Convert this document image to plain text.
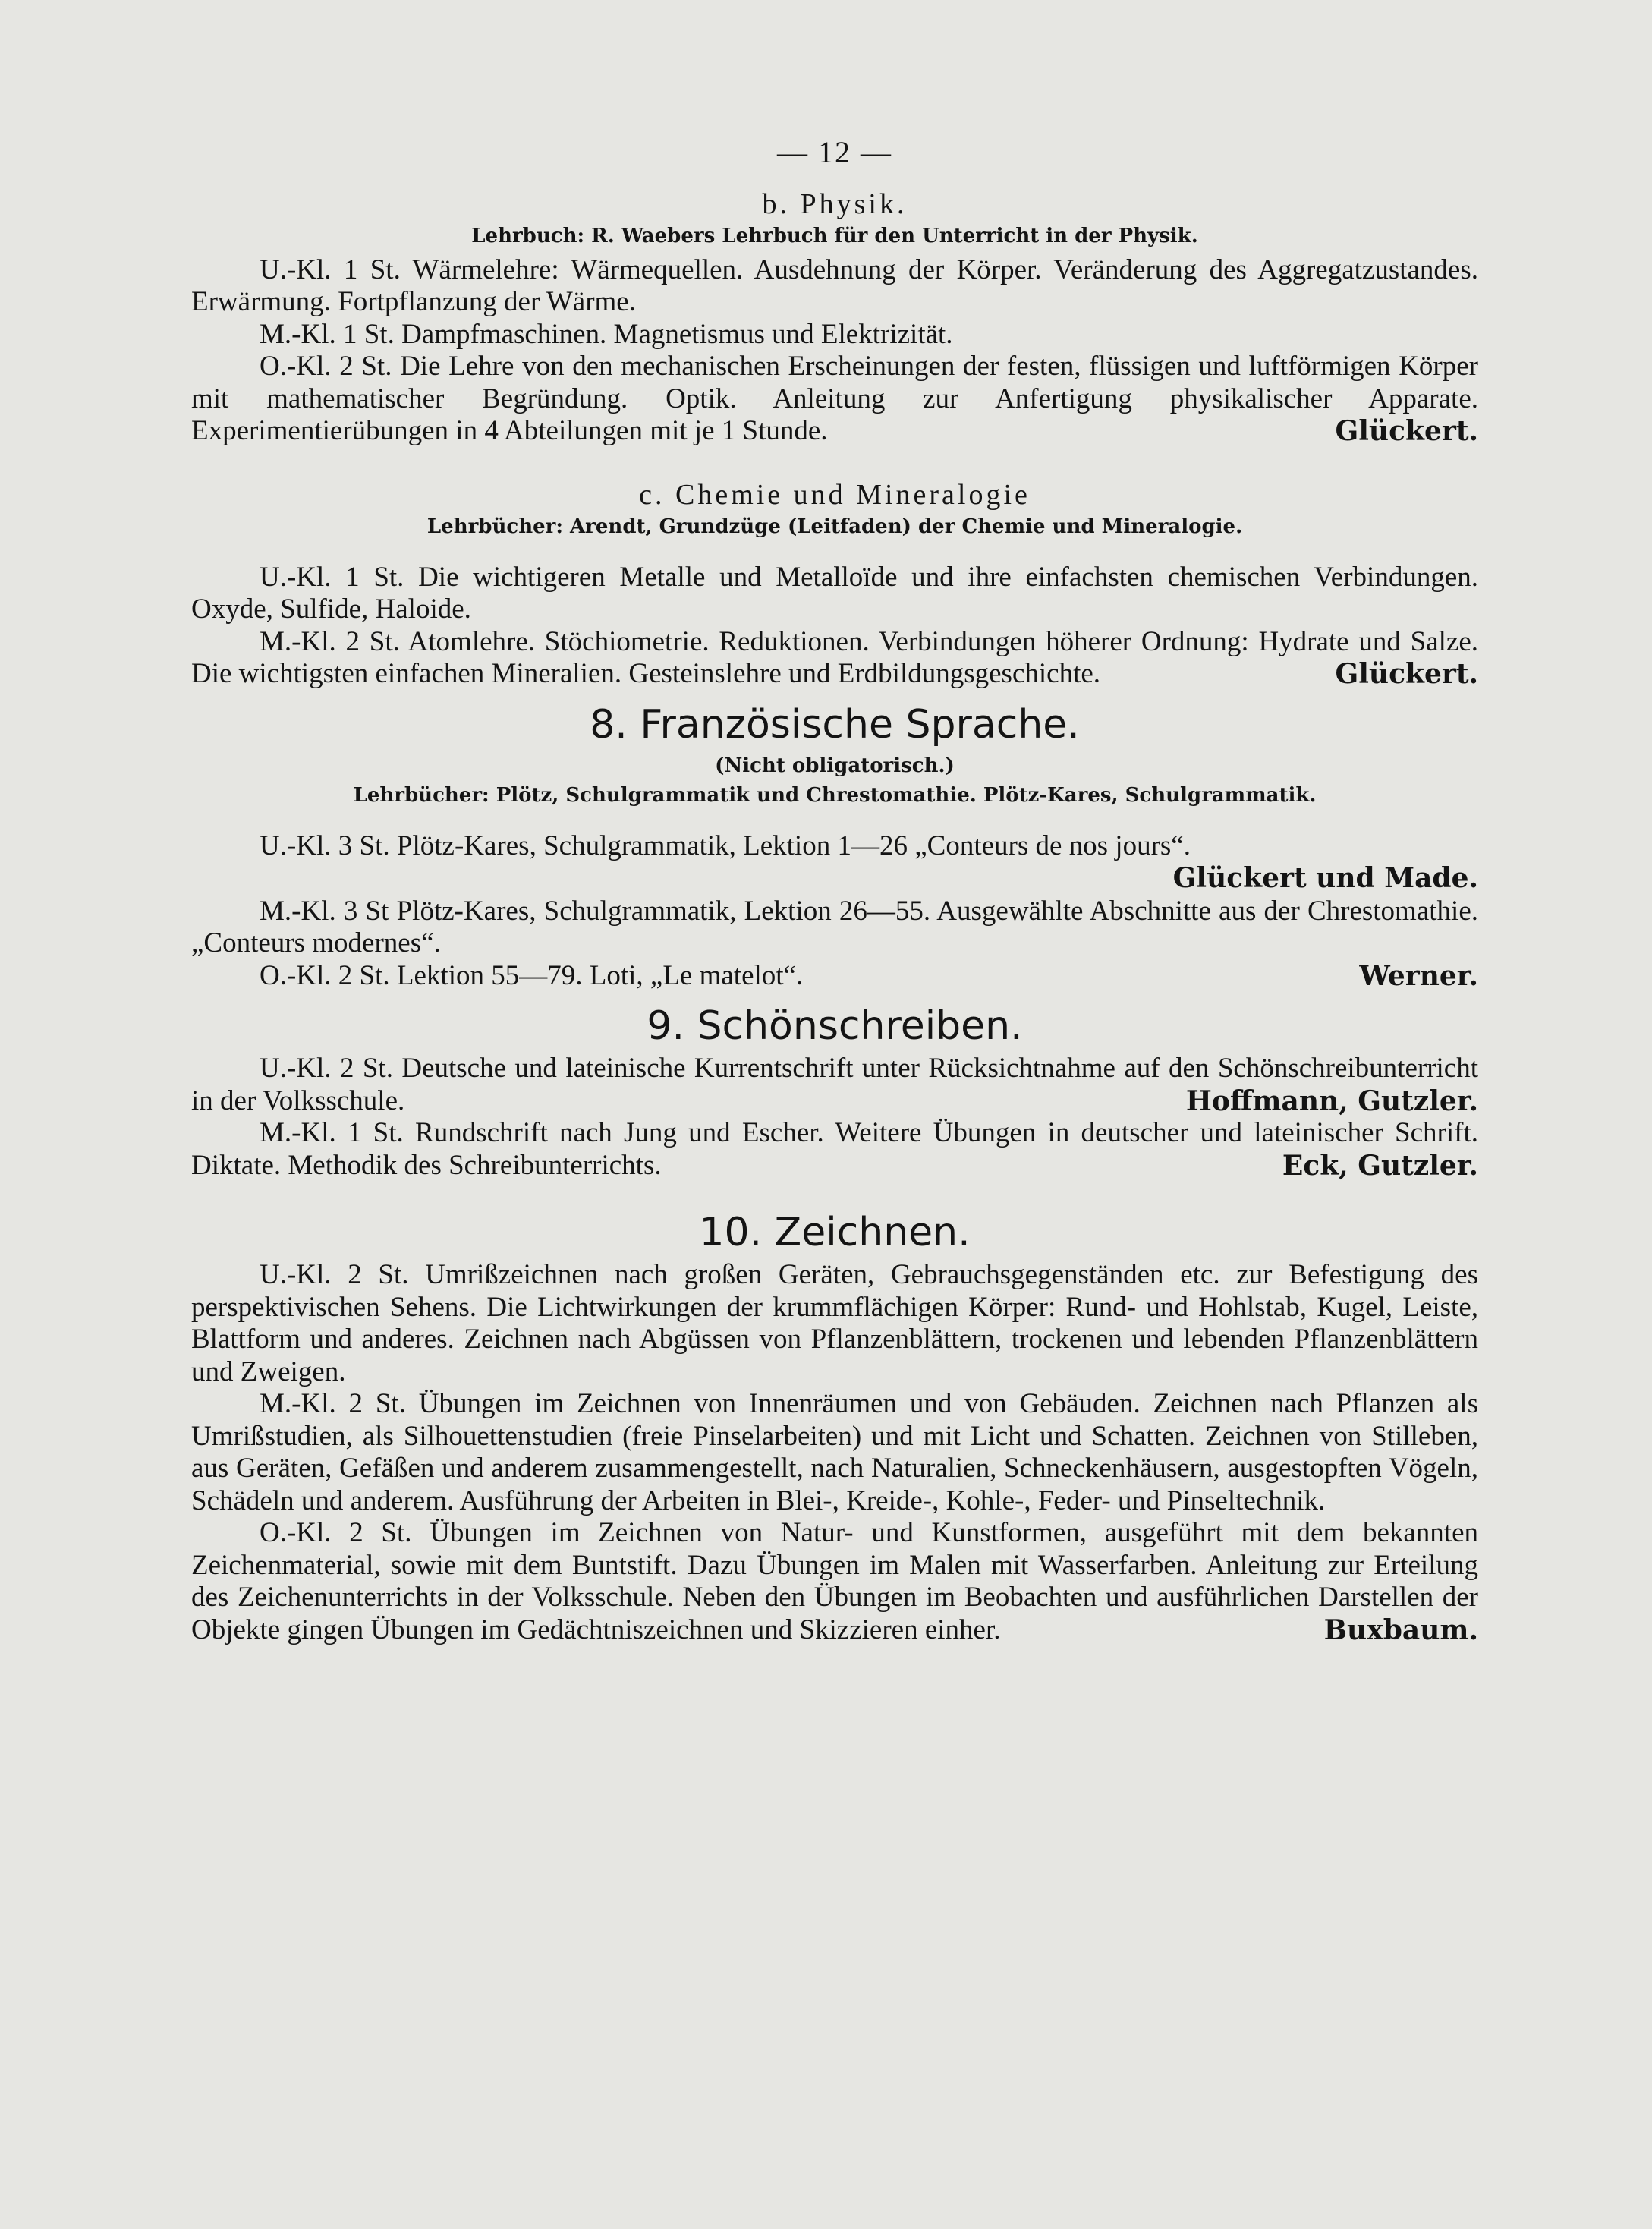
— 12 —
b. Physik.
Lehrbuch: R. Waebers Lehrbuch für den Unterricht in der Physik.

U.-Kl. 1 St. Wärmelehre: Wärmequellen. Ausdehnung der Körper. Veränderung des Aggregatzustandes. Erwärmung. Fortpflanzung der Wärme.

M.-Kl. 1 St. Dampfmaschinen. Magnetismus und Elektrizität.

O.-Kl. 2 St. Die Lehre von den mechanischen Erscheinungen der festen, flüssigen und luftförmigen Körper mit mathematischer Begründung. Optik. Anleitung zur Anfertigung physikalischer Apparate. Experimentierübungen in 4 Abteilungen mit je 1 Stunde.	Glückert.

c. Chemie und Mineralogie
Lehrbücher: Arendt, Grundzüge (Leitfaden) der Chemie und Mineralogie.

U.-Kl. 1 St. Die wichtigeren Metalle und Metalloïde und ihre einfachsten chemischen Verbindungen. Oxyde, Sulfide, Haloide.

M.-Kl. 2 St. Atomlehre. Stöchiometrie. Reduktionen. Verbindungen höherer Ordnung: Hydrate und Salze. Die wichtigsten einfachen Mineralien. Gesteinslehre und Erdbildungsgeschichte.	Glückert.

8. Französische Sprache.
(Nicht obligatorisch.)
Lehrbücher: Plötz, Schulgrammatik und Chrestomathie. Plötz-Kares, Schulgrammatik.

U.-Kl. 3 St. Plötz-Kares, Schulgrammatik, Lektion 1—26 „Conteurs de nos jours“.

Glückert und Made.

M.-Kl. 3 St Plötz-Kares, Schulgrammatik, Lektion 26—55. Ausgewählte Abschnitte aus der Chrestomathie. „Conteurs modernes“.

O.-Kl. 2 St. Lektion 55—79. Loti, „Le matelot“.	Werner.

9. Schönschreiben.

U.-Kl. 2 St. Deutsche und lateinische Kurrentschrift unter Rücksichtnahme auf den Schönschreibunterricht in der Volksschule.	Hoffmann, Gutzler.

M.-Kl. 1 St. Rundschrift nach Jung und Escher. Weitere Übungen in deutscher und lateinischer Schrift. Diktate. Methodik des Schreibunterrichts.	Eck, Gutzler.

10. Zeichnen.

U.-Kl. 2 St. Umrißzeichnen nach großen Geräten, Gebrauchsgegenständen etc. zur Befestigung des perspektivischen Sehens. Die Lichtwirkungen der krummflächigen Körper: Rund- und Hohlstab, Kugel, Leiste, Blattform und anderes. Zeichnen nach Abgüssen von Pflanzenblättern, trockenen und lebenden Pflanzenblättern und Zweigen.

M.-Kl. 2 St. Übungen im Zeichnen von Innenräumen und von Gebäuden. Zeichnen nach Pflanzen als Umrißstudien, als Silhouettenstudien (freie Pinselarbeiten) und mit Licht und Schatten. Zeichnen von Stilleben, aus Geräten, Gefäßen und anderem zusammengestellt, nach Naturalien, Schneckenhäusern, ausgestopften Vögeln, Schädeln und anderem. Ausführung der Arbeiten in Blei-, Kreide-, Kohle-, Feder- und Pinseltechnik.

O.-Kl. 2 St. Übungen im Zeichnen von Natur- und Kunstformen, ausgeführt mit dem bekannten Zeichenmaterial, sowie mit dem Buntstift. Dazu Übungen im Malen mit Wasserfarben. Anleitung zur Erteilung des Zeichenunterrichts in der Volksschule. Neben den Übungen im Beobachten und ausführlichen Darstellen der Objekte gingen Übungen im Gedächtniszeichnen und Skizzieren einher.	Buxbaum.
